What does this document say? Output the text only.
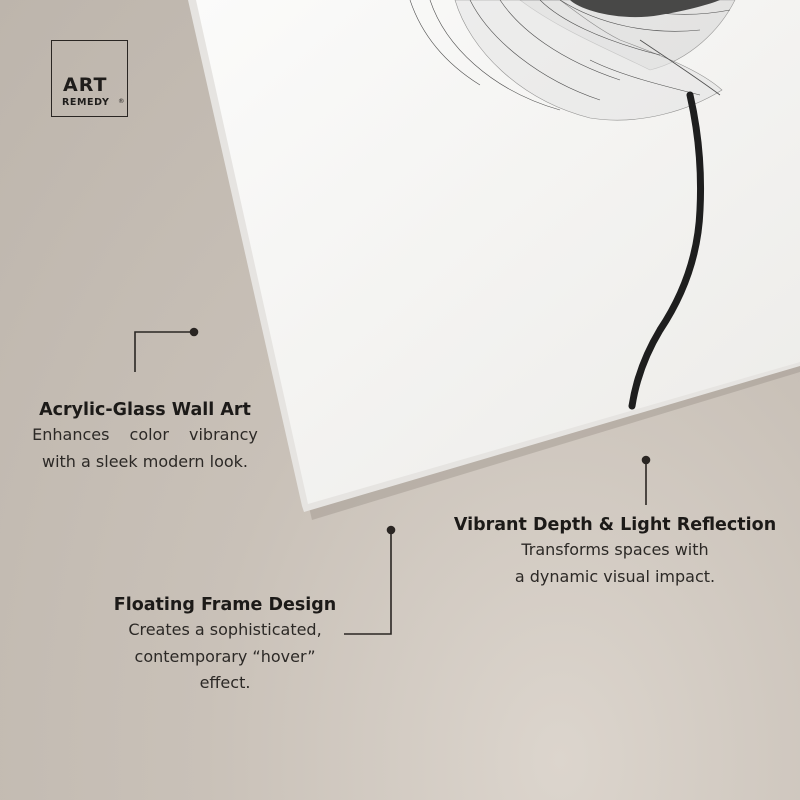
ART
REMEDY ®
Acrylic-Glass Wall Art
Enhances color vibrancy
with a sleek modern look.
Vibrant Depth & Light Reflection
Transforms spaces with
a dynamic visual impact.
Floating Frame Design
Creates a sophisticated,
contemporary “hover”
effect.
